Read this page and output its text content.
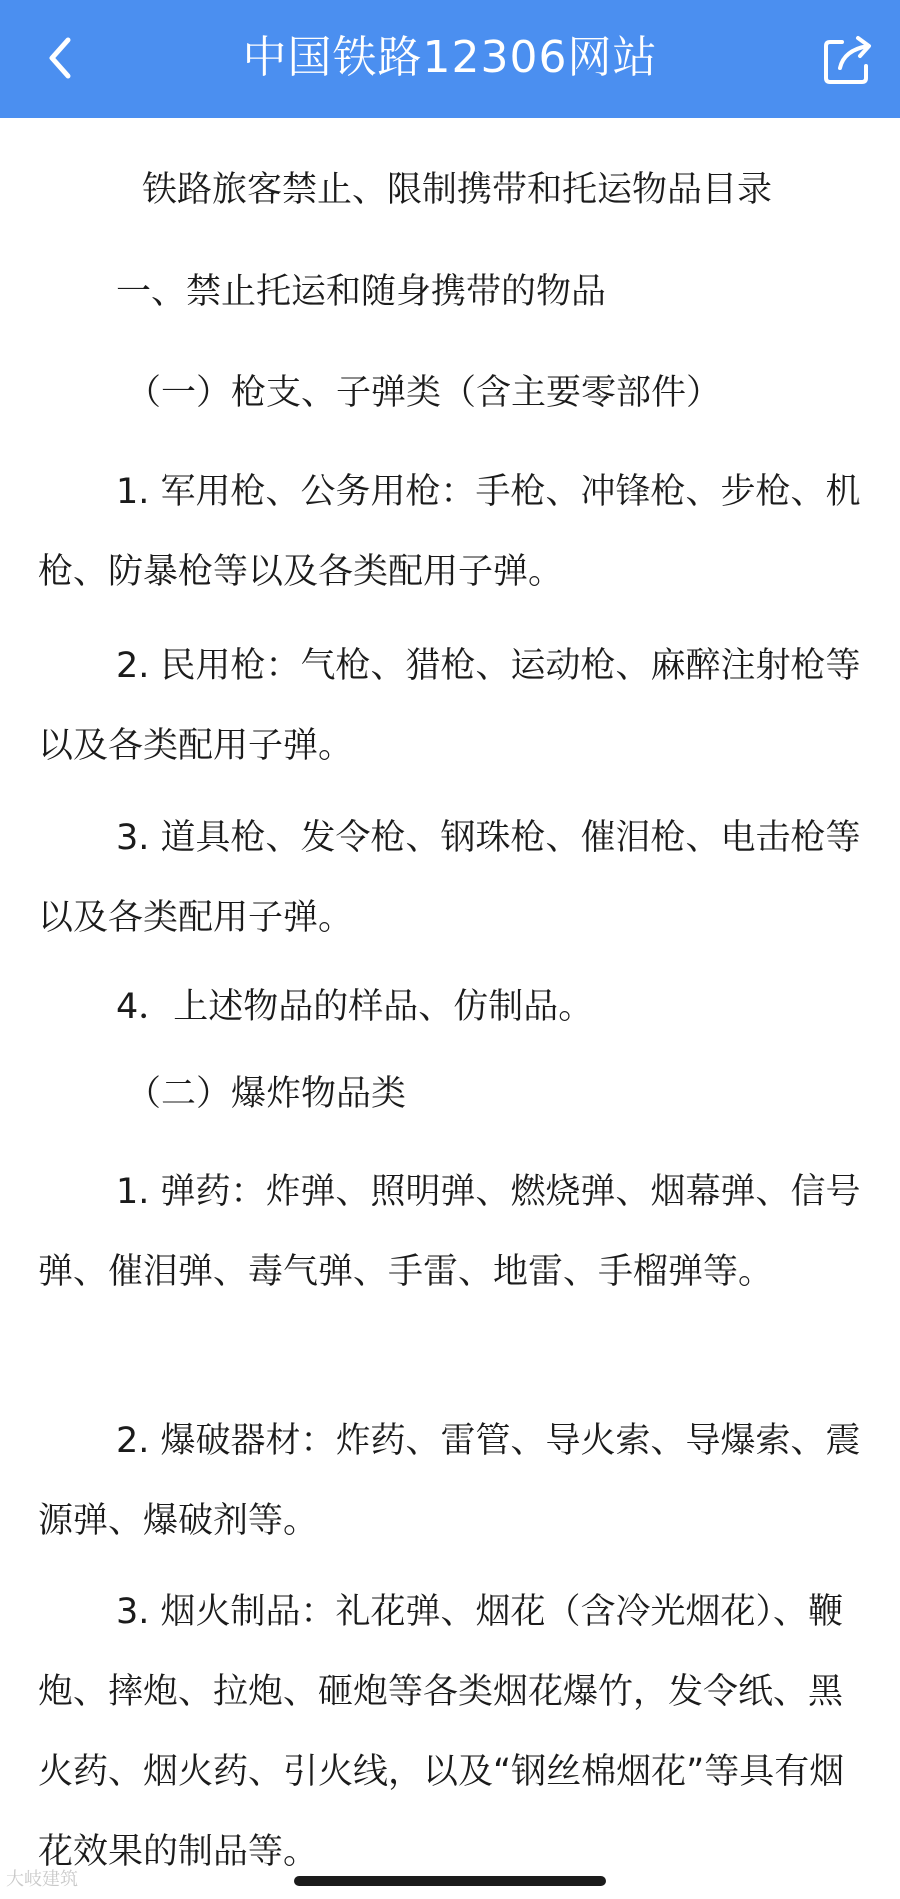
中国铁路12306网站
铁路旅客禁止、限制携带和托运物品目录
一、禁止托运和随身携带的物品
（一）枪支、子弹类（含主要零部件）
1. 军用枪、公务用枪：手枪、冲锋枪、步枪、机枪、防暴枪等以及各类配用子弹。
2. 民用枪：气枪、猎枪、运动枪、麻醉注射枪等以及各类配用子弹。
3. 道具枪、发令枪、钢珠枪、催泪枪、电击枪等以及各类配用子弹。
4．上述物品的样品、仿制品。
（二）爆炸物品类
1. 弹药：炸弹、照明弹、燃烧弹、烟幕弹、信号弹、催泪弹、毒气弹、手雷、地雷、手榴弹等。
2. 爆破器材：炸药、雷管、导火索、导爆索、震源弹、爆破剂等。
3. 烟火制品：礼花弹、烟花（含冷光烟花）、鞭炮、摔炮、拉炮、砸炮等各类烟花爆竹，发令纸、黑火药、烟火药、引火线，以及“钢丝棉烟花”等具有烟花效果的制品等。
大岐建筑
